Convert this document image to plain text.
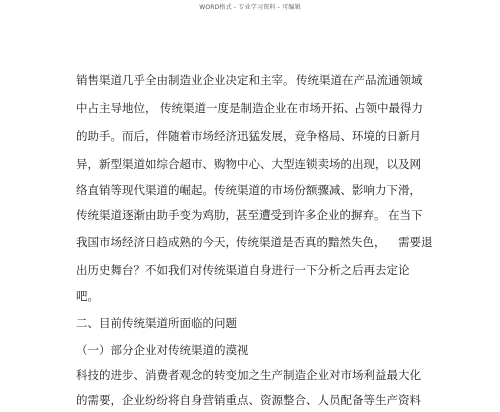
WORD格式 - 专业学习资料 - 可编辑
销售渠道几乎全由制造业企业决定和主宰。 传统渠道在产品流通领域
中占主导地位， 传统渠道一度是制造企业在市场开拓、
占领中最得力
的助手。而后，伴随着市场经济迅猛发展，竞争格局、环境的日新月
异，新型渠道如综合超市、购物中心、大型连锁卖场的出现，以及网
络直销等现代渠道的崛起。传统渠道的市场份额骤减、影响力下滑，
传统渠道逐渐由助手变为鸡肋， 甚至遭受到许多企业的摒弃。 在当下
我国市场经济日趋成熟的今天， 传统渠道是否真的黯然失色， 需要退
出历史舞台？不如我们对传统渠道自身进行一下分析之后再去定论
吧。
二、目前传统渠道所面临的问题
（一）部分企业对传统渠道的漠视
科技的进步、消费者观念的转变加之生产制造企业对市场利益最大化
的需要，企业纷纷将自身营销重点、资源整合、人员配备等生产资料
